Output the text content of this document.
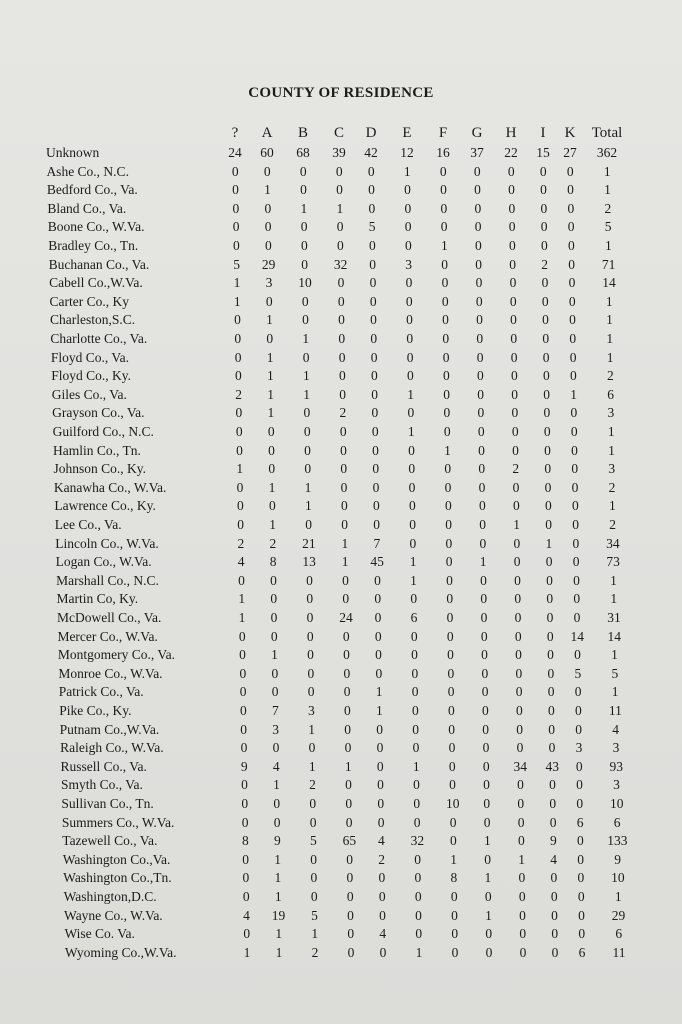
COUNTY OF RESIDENCE
?	A	B	C	D	E	F	G	H	I	K	Total
Unknown	24	60	68	39	42	12	16	37	22	15	27	362
Ashe Co., N.C.	0	0	0	0	0	1	0	0	0	0	0	1
Bedford Co., Va.	0	1	0	0	0	0	0	0	0	0	0	1
Bland Co., Va.	0	0	1	1	0	0	0	0	0	0	0	2
Boone Co., W.Va.	0	0	0	0	5	0	0	0	0	0	0	5
Bradley Co., Tn.	0	0	0	0	0	0	1	0	0	0	0	1
Buchanan Co., Va.	5	29	0	32	0	3	0	0	0	2	0	71
Cabell Co.,W.Va.	1	3	10	0	0	0	0	0	0	0	0	14
Carter Co., Ky	1	0	0	0	0	0	0	0	0	0	0	1
Charleston,S.C.	0	1	0	0	0	0	0	0	0	0	0	1
Charlotte Co., Va.	0	0	1	0	0	0	0	0	0	0	0	1
Floyd Co., Va.	0	1	0	0	0	0	0	0	0	0	0	1
Floyd Co., Ky.	0	1	1	0	0	0	0	0	0	0	0	2
Giles Co., Va.	2	1	1	0	0	1	0	0	0	0	1	6
Grayson Co., Va.	0	1	0	2	0	0	0	0	0	0	0	3
Guilford Co., N.C.	0	0	0	0	0	1	0	0	0	0	0	1
Hamlin Co., Tn.	0	0	0	0	0	0	1	0	0	0	0	1
Johnson Co., Ky.	1	0	0	0	0	0	0	0	2	0	0	3
Kanawha Co., W.Va.	0	1	1	0	0	0	0	0	0	0	0	2
Lawrence Co., Ky.	0	0	1	0	0	0	0	0	0	0	0	1
Lee Co., Va.	0	1	0	0	0	0	0	0	1	0	0	2
Lincoln Co., W.Va.	2	2	21	1	7	0	0	0	0	1	0	34
Logan Co., W.Va.	4	8	13	1	45	1	0	1	0	0	0	73
Marshall Co., N.C.	0	0	0	0	0	1	0	0	0	0	0	1
Martin Co, Ky.	1	0	0	0	0	0	0	0	0	0	0	1
McDowell Co., Va.	1	0	0	24	0	6	0	0	0	0	0	31
Mercer Co., W.Va.	0	0	0	0	0	0	0	0	0	0	14	14
Montgomery Co., Va.	0	1	0	0	0	0	0	0	0	0	0	1
Monroe Co., W.Va.	0	0	0	0	0	0	0	0	0	0	5	5
Patrick Co., Va.	0	0	0	0	1	0	0	0	0	0	0	1
Pike Co., Ky.	0	7	3	0	1	0	0	0	0	0	0	11
Putnam Co.,W.Va.	0	3	1	0	0	0	0	0	0	0	0	4
Raleigh Co., W.Va.	0	0	0	0	0	0	0	0	0	0	3	3
Russell Co., Va.	9	4	1	1	0	1	0	0	34	43	0	93
Smyth Co., Va.	0	1	2	0	0	0	0	0	0	0	0	3
Sullivan Co., Tn.	0	0	0	0	0	0	10	0	0	0	0	10
Summers Co., W.Va.	0	0	0	0	0	0	0	0	0	0	6	6
Tazewell Co., Va.	8	9	5	65	4	32	0	1	0	9	0	133
Washington Co.,Va.	0	1	0	0	2	0	1	0	1	4	0	9
Washington Co.,Tn.	0	1	0	0	0	0	8	1	0	0	0	10
Washington,D.C.	0	1	0	0	0	0	0	0	0	0	0	1
Wayne Co., W.Va.	4	19	5	0	0	0	0	1	0	0	0	29
Wise Co. Va.	0	1	1	0	4	0	0	0	0	0	0	6
Wyoming Co.,W.Va.	1	1	2	0	0	1	0	0	0	0	6	11
